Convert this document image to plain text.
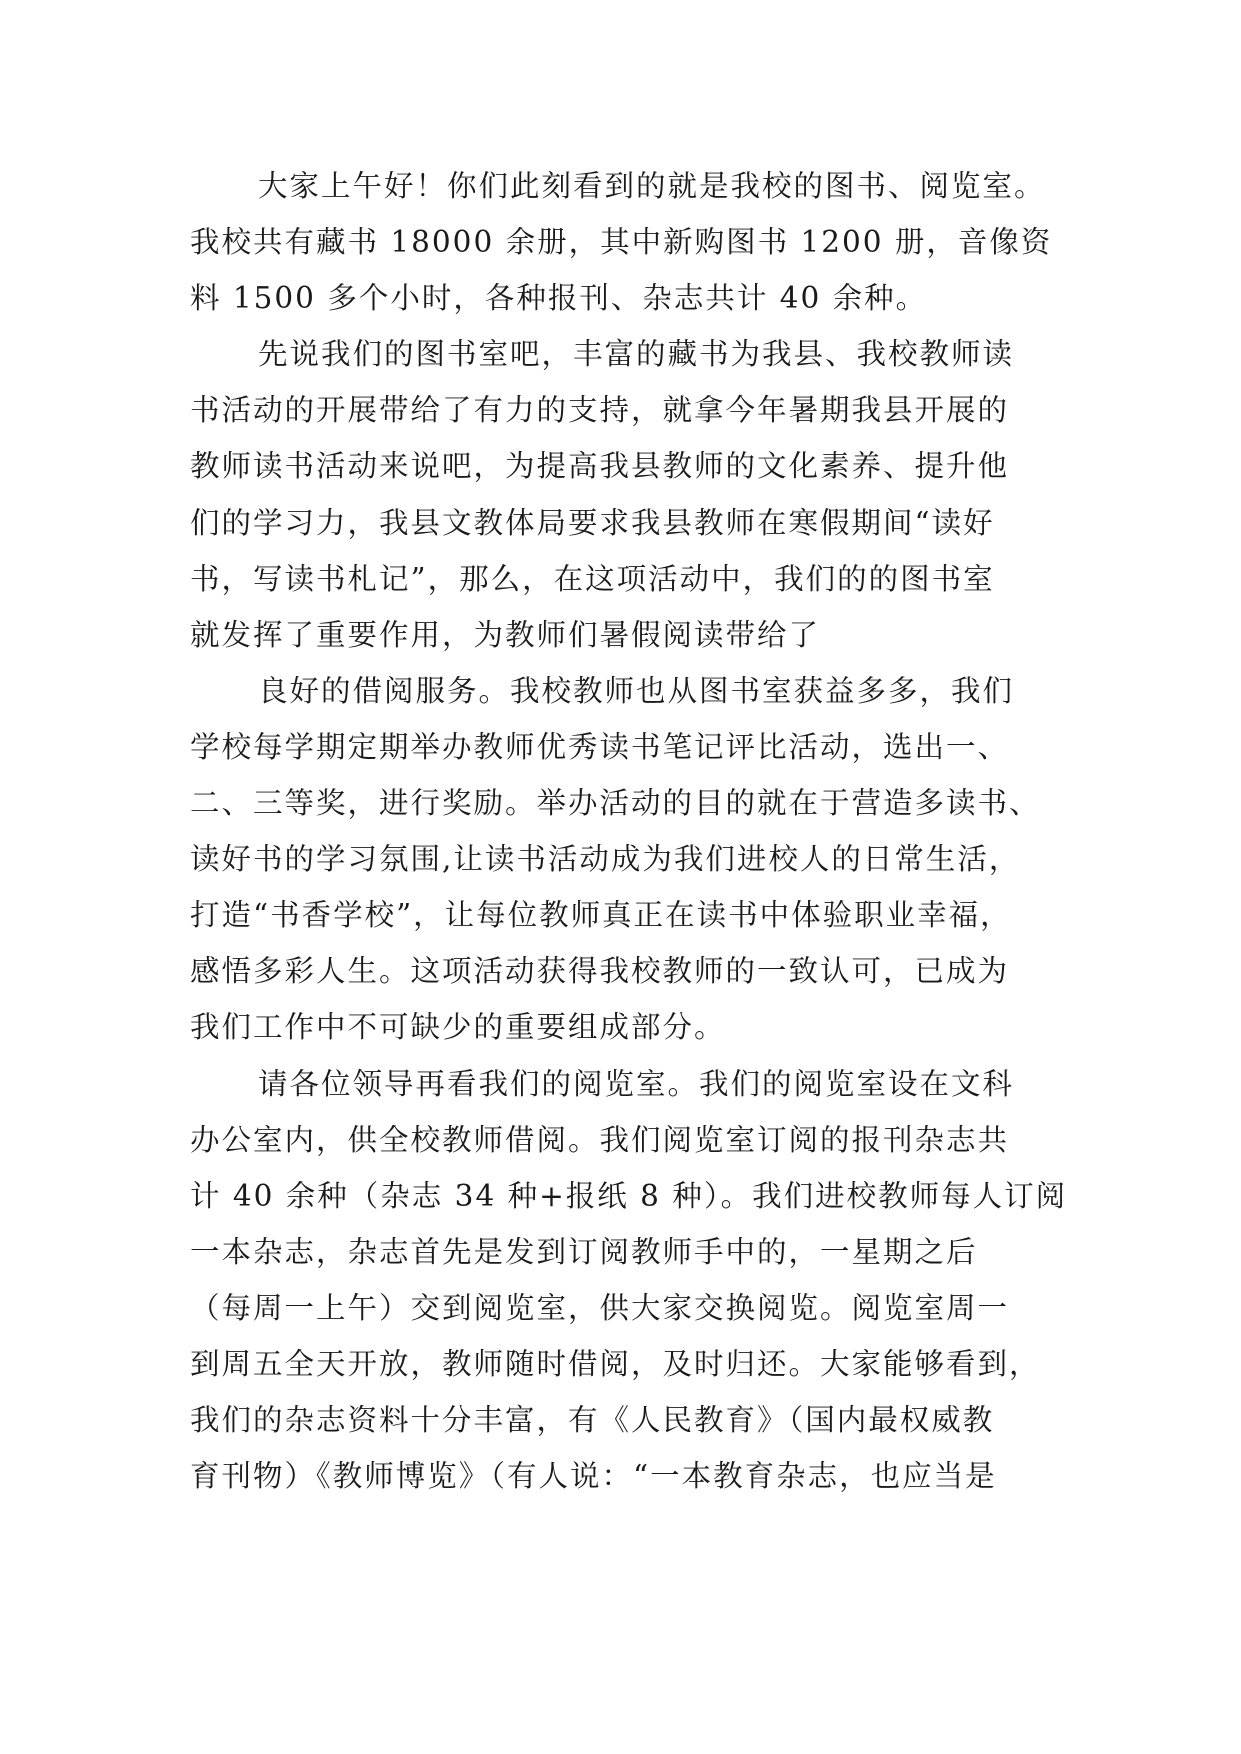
大家上午好！你们此刻看到的就是我校的图书、阅览室。
我校共有藏书 18000 余册，其中新购图书 1200 册，音像资
料 1500 多个小时，各种报刊、杂志共计 40 余种。
先说我们的图书室吧，丰富的藏书为我县、我校教师读
书活动的开展带给了有力的支持，就拿今年暑期我县开展的
教师读书活动来说吧，为提高我县教师的文化素养、提升他
们的学习力，我县文教体局要求我县教师在寒假期间“读好
书，写读书札记”，那么，在这项活动中，我们的的图书室
就发挥了重要作用，为教师们暑假阅读带给了
良好的借阅服务。我校教师也从图书室获益多多，我们
学校每学期定期举办教师优秀读书笔记评比活动，选出一、
二、三等奖，进行奖励。举办活动的目的就在于营造多读书、
读好书的学习氛围,让读书活动成为我们进校人的日常生活，
打造“书香学校”，让每位教师真正在读书中体验职业幸福，
感悟多彩人生。这项活动获得我校教师的一致认可，已成为
我们工作中不可缺少的重要组成部分。
请各位领导再看我们的阅览室。我们的阅览室设在文科
办公室内，供全校教师借阅。我们阅览室订阅的报刊杂志共
计 40 余种（杂志 34 种+报纸 8 种）。我们进校教师每人订阅
一本杂志，杂志首先是发到订阅教师手中的，一星期之后
（每周一上午）交到阅览室，供大家交换阅览。阅览室周一
到周五全天开放，教师随时借阅，及时归还。大家能够看到，
我们的杂志资料十分丰富，有《人民教育》（国内最权威教
育刊物）《教师博览》（有人说：“一本教育杂志，也应当是
